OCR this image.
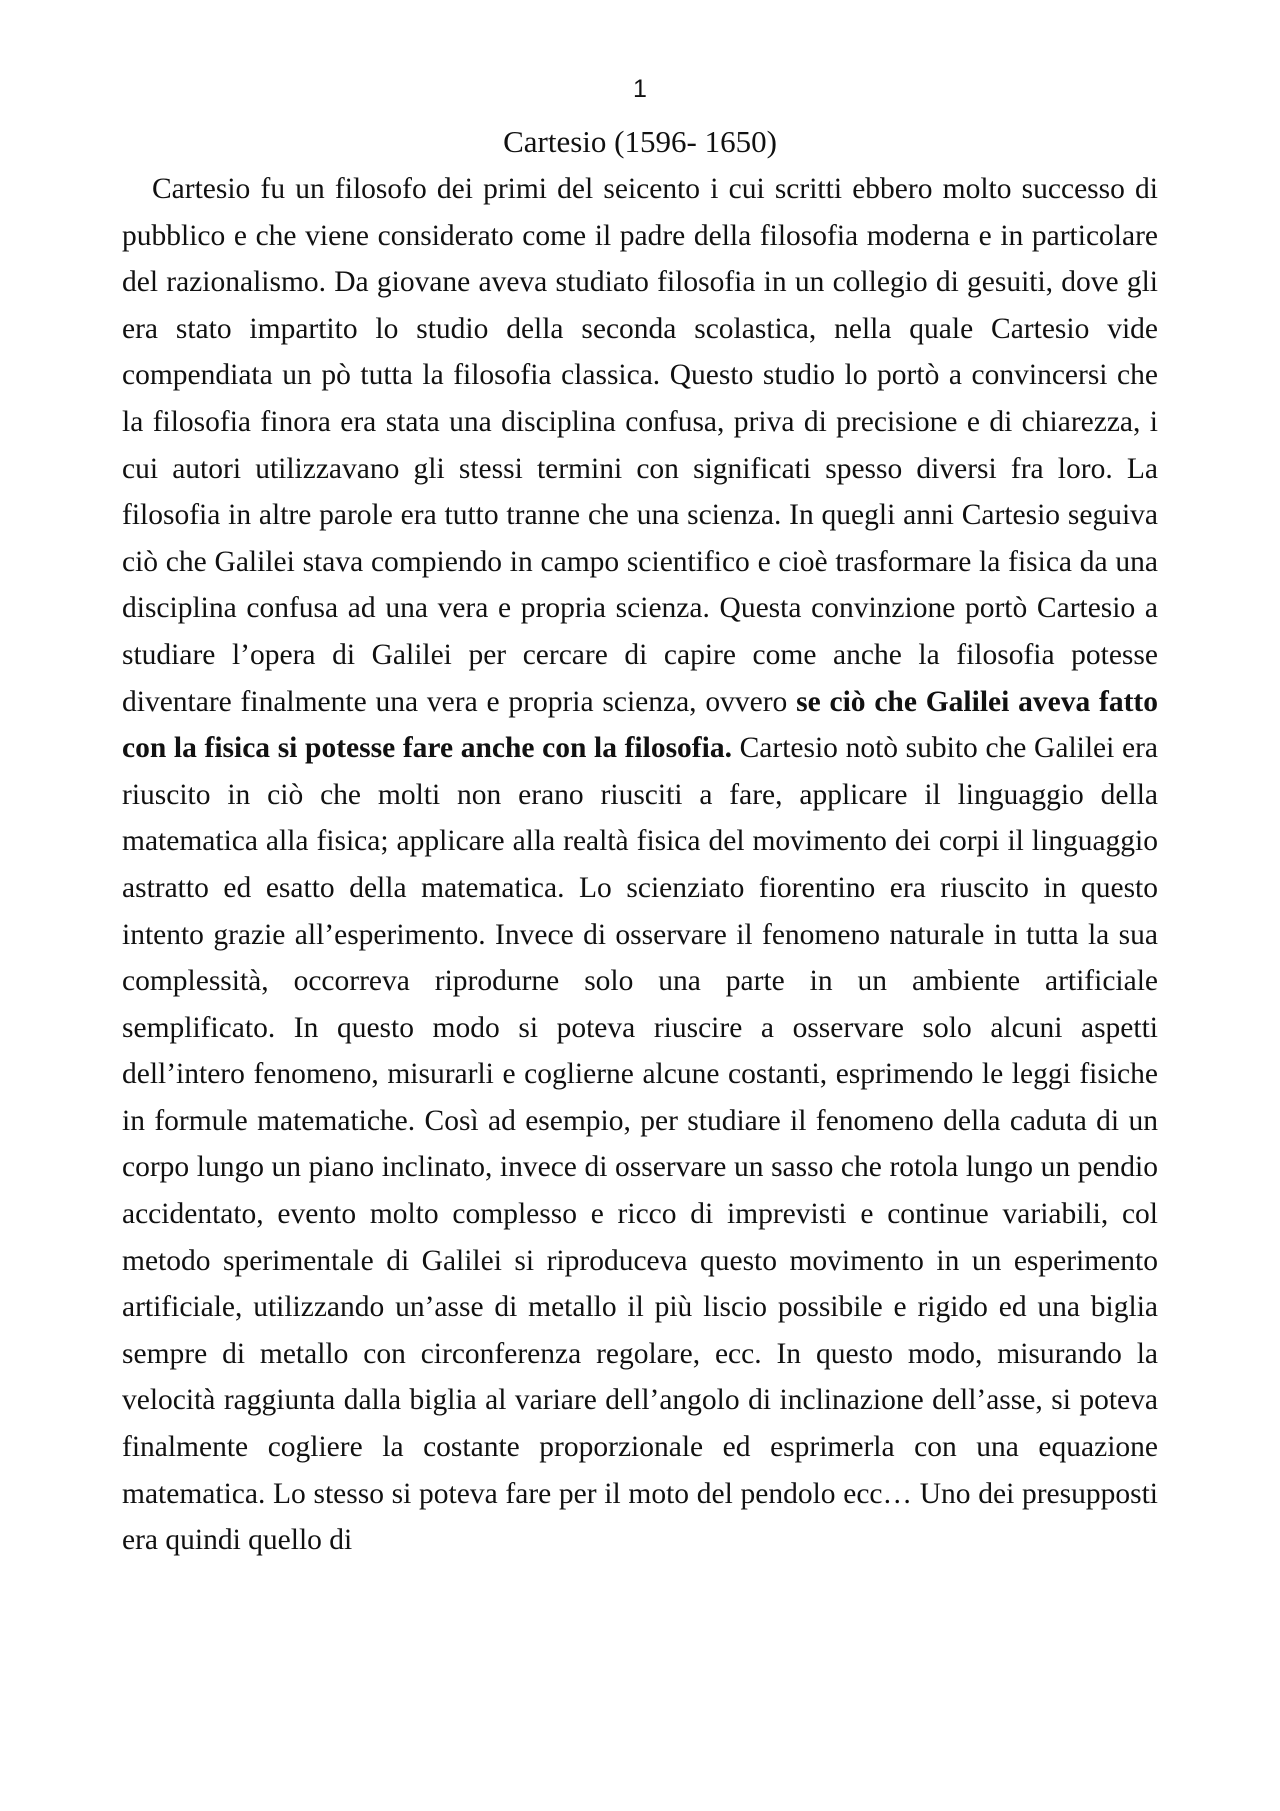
1
Cartesio (1596- 1650)

Cartesio fu un filosofo dei primi del seicento i cui scritti ebbero molto successo di pubblico e che viene considerato come il padre della filosofia moderna e in particolare del razionalismo. Da giovane aveva studiato filosofia in un collegio di gesuiti, dove gli era stato impartito lo studio della seconda scolastica, nella quale Cartesio vide compendiata un pò tutta la filosofia classica. Questo studio lo portò a convincersi che la filosofia finora era stata una disciplina confusa, priva di precisione e di chiarezza, i cui autori utilizzavano gli stessi termini con significati spesso diversi fra loro. La filosofia in altre parole era tutto tranne che una scienza. In quegli anni Cartesio seguiva ciò che Galilei stava compiendo in campo scientifico e cioè trasformare la fisica da una disciplina confusa ad una vera e propria scienza. Questa convinzione portò Cartesio a studiare l’opera di Galilei per cercare di capire come anche la filosofia potesse diventare finalmente una vera e propria scienza, ovvero se ciò che Galilei aveva fatto con la fisica si potesse fare anche con la filosofia. Cartesio notò subito che Galilei era riuscito in ciò che molti non erano riusciti a fare, applicare il linguaggio della matematica alla fisica; applicare alla realtà fisica del movimento dei corpi il linguaggio astratto ed esatto della matematica. Lo scienziato fiorentino era riuscito in questo intento grazie all’esperimento. Invece di osservare il fenomeno naturale in tutta la sua complessità, occorreva riprodurne solo una parte in un ambiente artificiale semplificato. In questo modo si poteva riuscire a osservare solo alcuni aspetti dell’intero fenomeno, misurarli e coglierne alcune costanti, esprimendo le leggi fisiche in formule matematiche. Così ad esempio, per studiare il fenomeno della caduta di un corpo lungo un piano inclinato, invece di osservare un sasso che rotola lungo un pendio accidentato, evento molto complesso e ricco di imprevisti e continue variabili, col metodo sperimentale di Galilei si riproduceva questo movimento in un esperimento artificiale, utilizzando un’asse di metallo il più liscio possibile e rigido ed una biglia sempre di metallo con circonferenza regolare, ecc. In questo modo, misurando la velocità raggiunta dalla biglia al variare dell’angolo di inclinazione dell’asse, si poteva finalmente cogliere la costante proporzionale ed esprimerla con una equazione matematica. Lo stesso si poteva fare per il moto del pendolo ecc… Uno dei presupposti era quindi quello di
